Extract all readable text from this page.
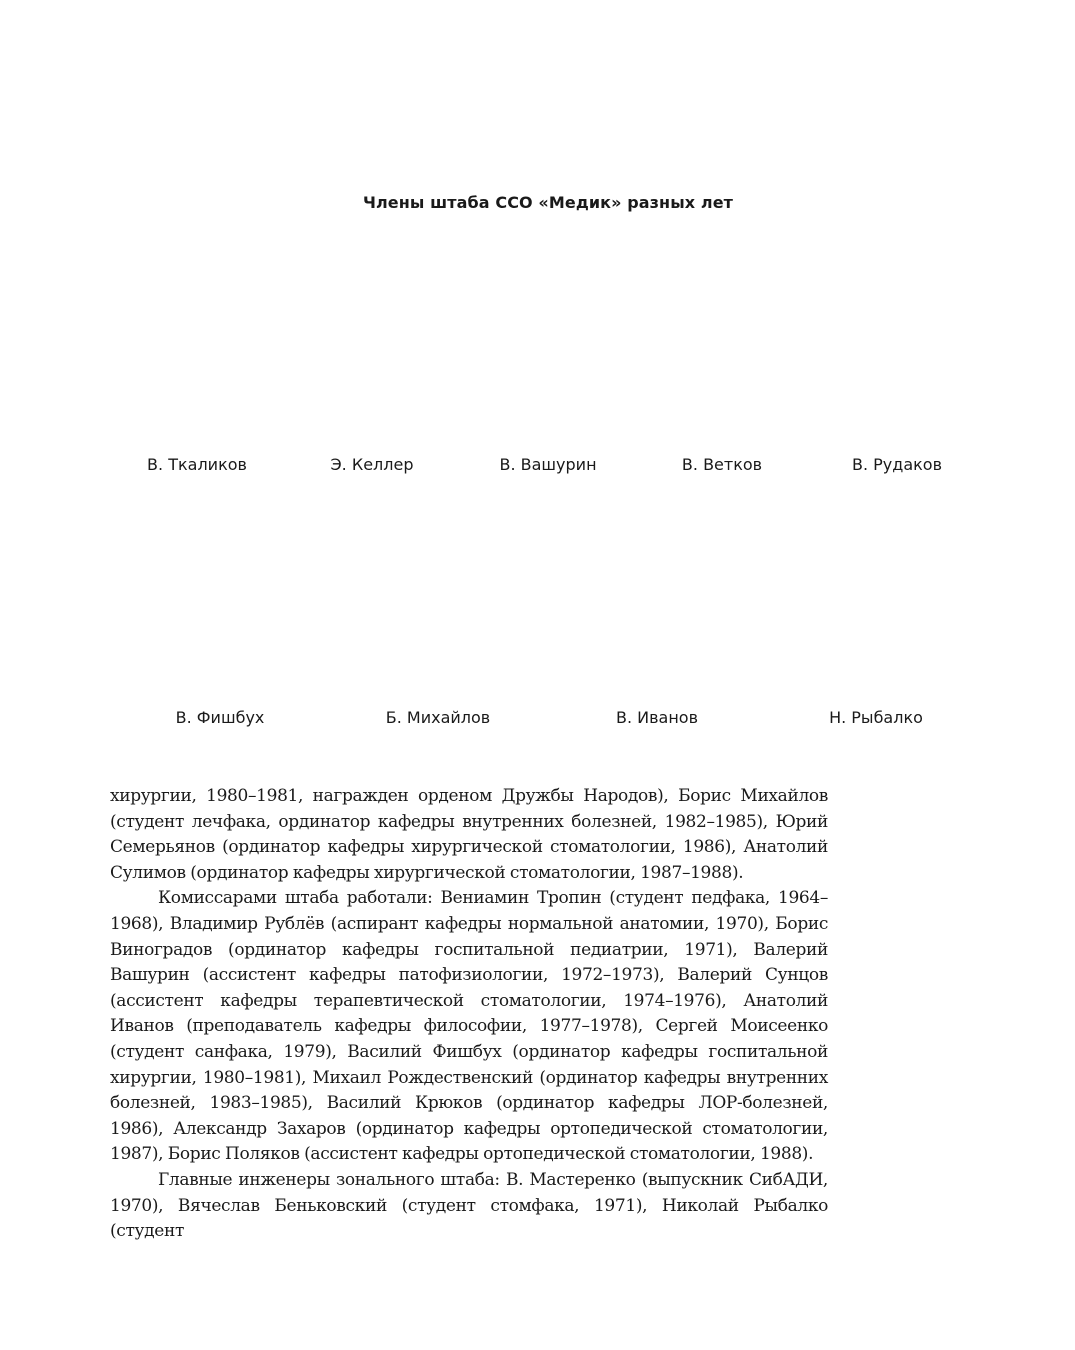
Члены штаба ССО «Медик» разных лет
В. Ткаликов	Э. Келлер	В. Вашурин	В. Ветков	В. Рудаков
В. Фишбух	Б. Михайлов	В. Иванов	Н. Рыбалко

хирургии, 1980–1981, награжден орденом Дружбы Народов), Борис Михайлов (студент лечфака, ординатор кафедры внутренних болезней, 1982–1985), Юрий Семерьянов (ординатор кафедры хирургической стоматологии, 1986), Анатолий Сулимов (ординатор кафедры хирургической стоматологии, 1987–1988).

Комиссарами штаба работали: Вениамин Тропин (студент педфака, 1964–1968), Владимир Рублёв (аспирант кафедры нормальной анатомии, 1970), Борис Виноградов (ординатор кафедры госпитальной педиатрии, 1971), Валерий Вашурин (ассистент кафедры патофизиологии, 1972–1973), Валерий Сунцов (ассистент кафедры терапевтической стоматологии, 1974–1976), Анатолий Иванов (преподаватель кафедры философии, 1977–1978), Сергей Моисеенко (студент санфака, 1979), Василий Фишбух (ординатор кафедры госпитальной хирургии, 1980–1981), Михаил Рождественский (ординатор кафедры внутренних болезней, 1983–1985), Василий Крюков (ординатор кафедры ЛОР-болезней, 1986), Александр Захаров (ординатор кафедры ортопедической стоматологии, 1987), Борис Поляков (ассистент кафедры ортопедической стоматологии, 1988).

Главные инженеры зонального штаба: В. Мастеренко (выпускник СибАДИ, 1970), Вячеслав Беньковский (студент стомфака, 1971), Николай Рыбалко (студент
